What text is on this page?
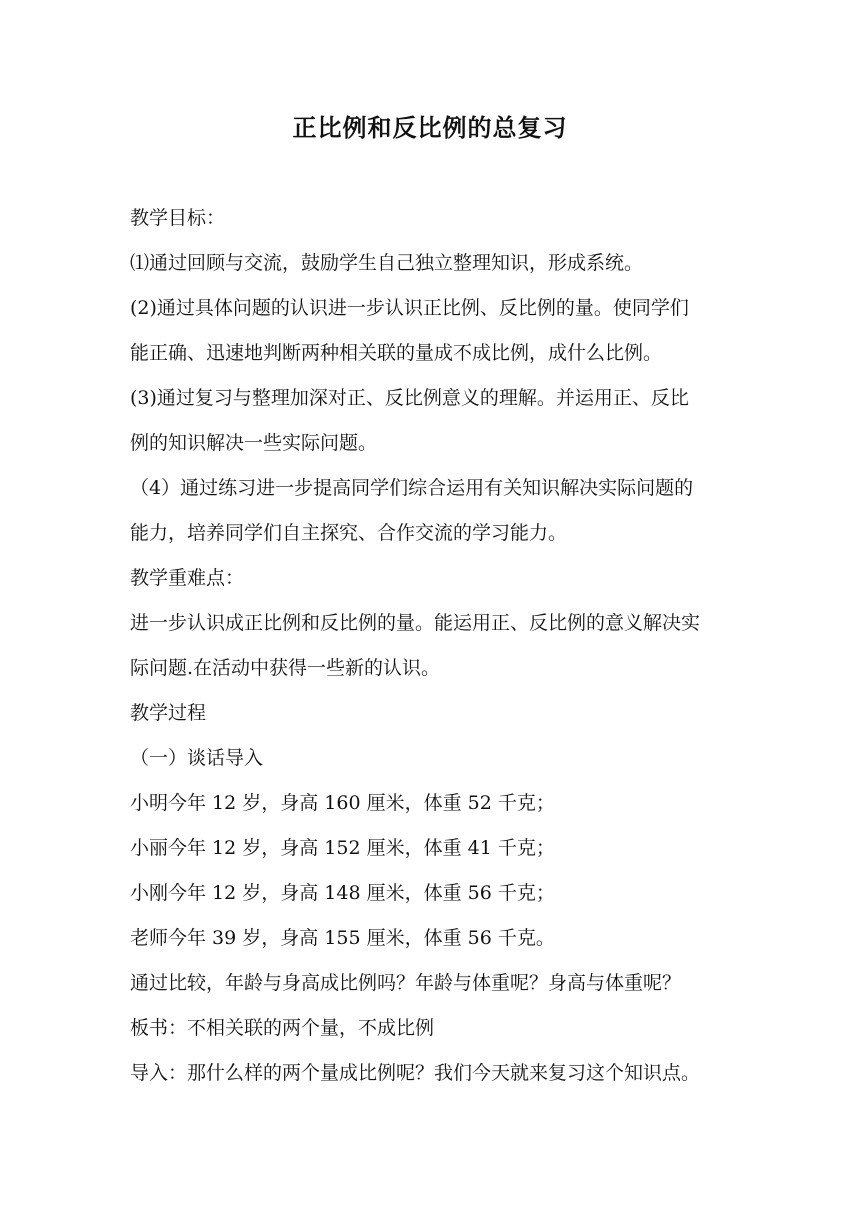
正比例和反比例的总复习
教学目标：
⑴通过回顾与交流，鼓励学生自己独立整理知识，形成系统。
(2)通过具体问题的认识进一步认识正比例、反比例的量。使同学们
能正确、迅速地判断两种相关联的量成不成比例，成什么比例。
(3)通过复习与整理加深对正、反比例意义的理解。并运用正、反比
例的知识解决一些实际问题。
（4）通过练习进一步提高同学们综合运用有关知识解决实际问题的
能力，培养同学们自主探究、合作交流的学习能力。
教学重难点：
进一步认识成正比例和反比例的量。能运用正、反比例的意义解决实
际问题.在活动中获得一些新的认识。
教学过程
（一）谈话导入
小明今年 12 岁，身高 160 厘米，体重 52 千克；
小丽今年 12 岁，身高 152 厘米，体重 41 千克；
小刚今年 12 岁，身高 148 厘米，体重 56 千克；
老师今年 39 岁，身高 155 厘米，体重 56 千克。
通过比较，年龄与身高成比例吗？年龄与体重呢？身高与体重呢？
板书：不相关联的两个量，不成比例
导入：那什么样的两个量成比例呢？我们今天就来复习这个知识点。
